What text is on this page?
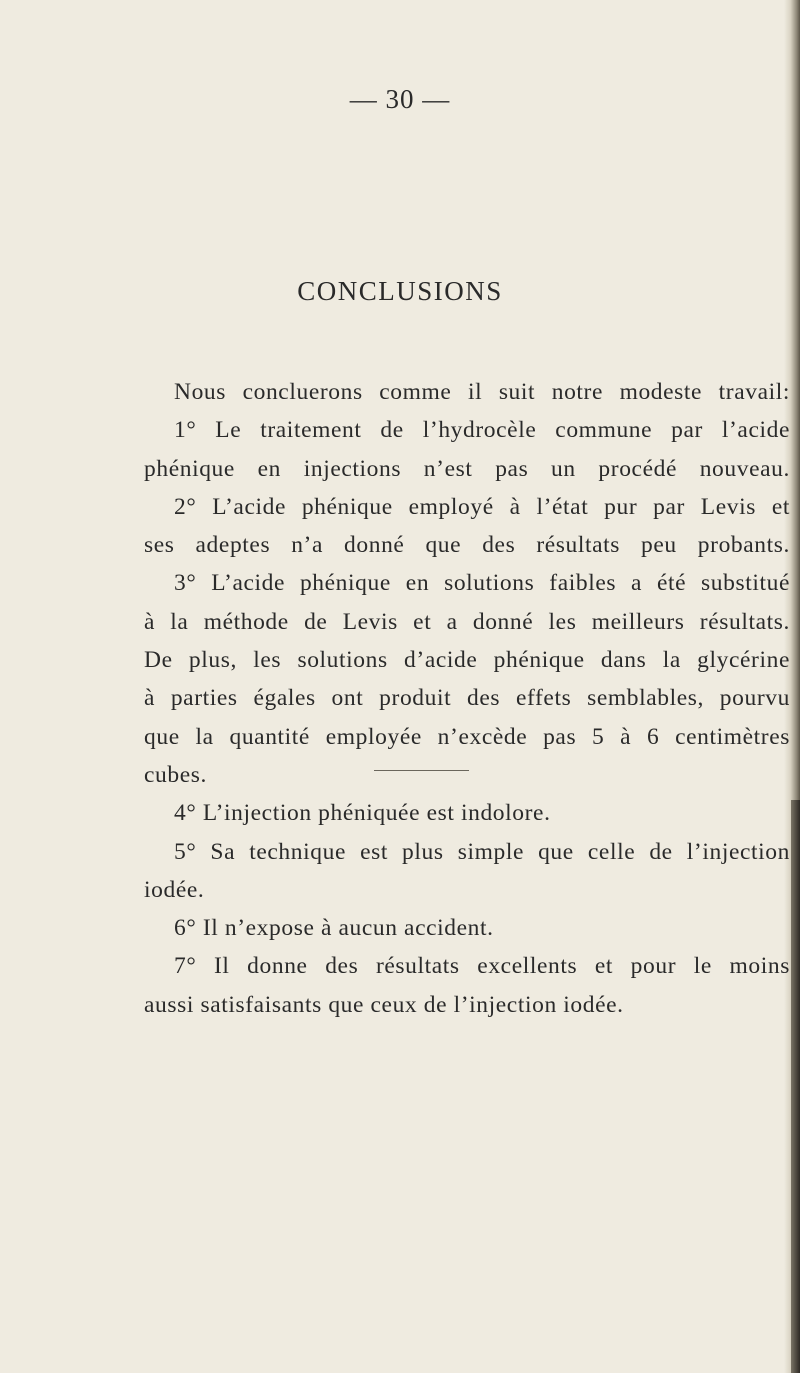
— 30 —
CONCLUSIONS
Nous concluerons comme il suit notre modeste travail:
1° Le traitement de l’hydrocèle commune par l’acide
phénique en injections n’est pas un procédé nouveau.
2° L’acide phénique employé à l’état pur par Levis et
ses adeptes n’a donné que des résultats peu probants.
3° L’acide phénique en solutions faibles a été substitué
à la méthode de Levis et a donné les meilleurs résultats.
De plus, les solutions d’acide phénique dans la glycérine
à parties égales ont produit des effets semblables, pourvu
que la quantité employée n’excède pas 5 à 6 centimètres
cubes.
4° L’injection phéniquée est indolore.
5° Sa technique est plus simple que celle de l’injection
iodée.
6° Il n’expose à aucun accident.
7° Il donne des résultats excellents et pour le moins
aussi satisfaisants que ceux de l’injection iodée.
